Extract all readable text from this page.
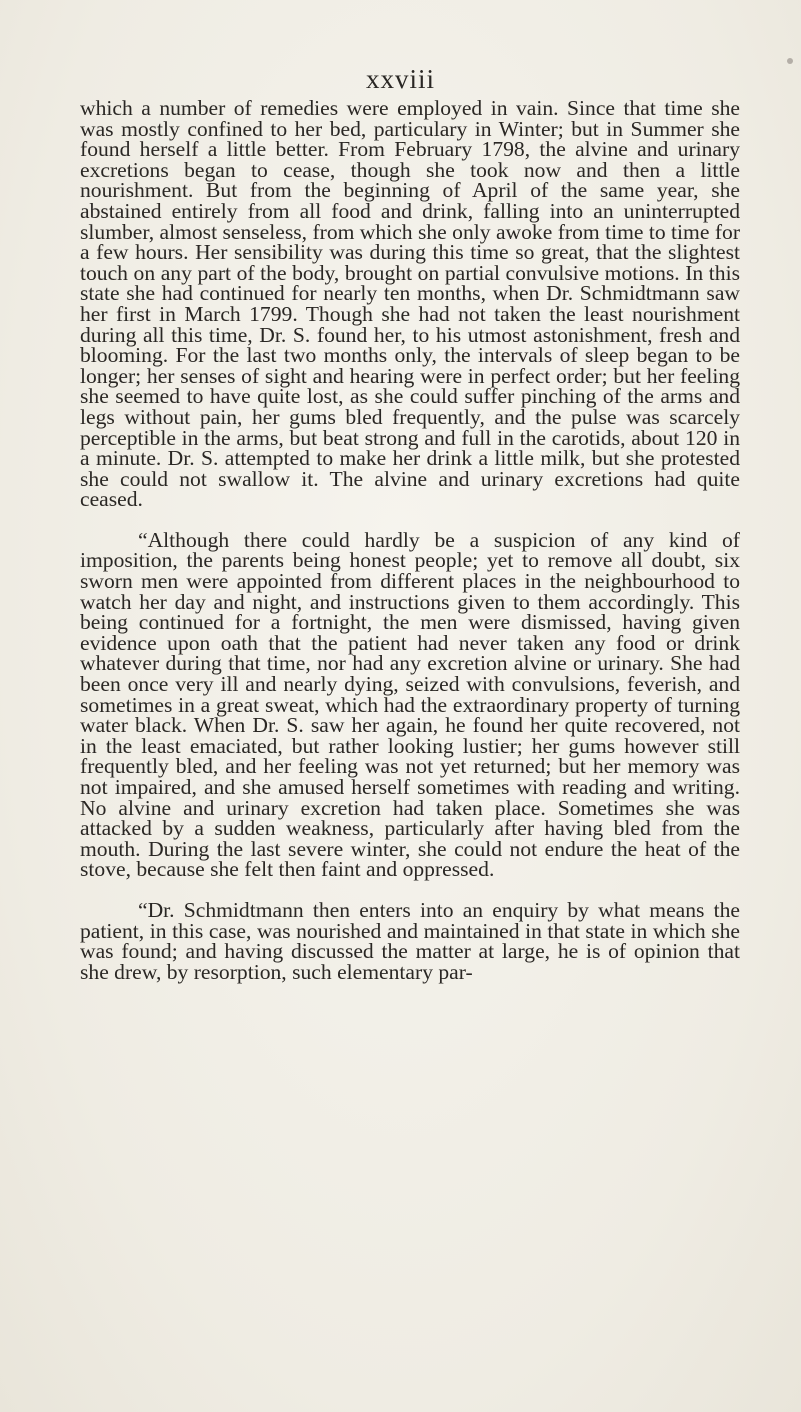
xxviii

which a number of remedies were employed in vain. Since that time she was mostly confined to her bed, particulary in Winter; but in Summer she found herself a little better. From February 1798, the alvine and urinary excretions began to cease, though she took now and then a little nourishment. But from the beginning of April of the same year, she abstained entirely from all food and drink, falling into an uninterrupted slumber, almost senseless, from which she only awoke from time to time for a few hours. Her sensibility was during this time so great, that the slightest touch on any part of the body, brought on partial convulsive motions. In this state she had continued for nearly ten months, when Dr. Schmidtmann saw her first in March 1799. Though she had not taken the least nourishment during all this time, Dr. S. found her, to his utmost astonishment, fresh and blooming. For the last two months only, the intervals of sleep began to be longer; her senses of sight and hearing were in perfect order; but her feeling she seemed to have quite lost, as she could suffer pinching of the arms and legs without pain, her gums bled frequently, and the pulse was scarcely perceptible in the arms, but beat strong and full in the carotids, about 120 in a minute. Dr. S. attempted to make her drink a little milk, but she protested she could not swallow it. The alvine and urinary excretions had quite ceased.

“Although there could hardly be a suspicion of any kind of imposition, the parents being honest people; yet to remove all doubt, six sworn men were appointed from different places in the neighbourhood to watch her day and night, and instructions given to them accordingly. This being continued for a fortnight, the men were dismissed, having given evidence upon oath that the patient had never taken any food or drink whatever during that time, nor had any excretion alvine or urinary. She had been once very ill and nearly dying, seized with convulsions, feverish, and sometimes in a great sweat, which had the extraordinary property of turning water black. When Dr. S. saw her again, he found her quite recovered, not in the least emaciated, but rather looking lustier; her gums however still frequently bled, and her feeling was not yet returned; but her memory was not impaired, and she amused herself sometimes with reading and writing. No alvine and urinary excretion had taken place. Sometimes she was attacked by a sudden weakness, particularly after having bled from the mouth. During the last severe winter, she could not endure the heat of the stove, because she felt then faint and oppressed.

“Dr. Schmidtmann then enters into an enquiry by what means the patient, in this case, was nourished and maintained in that state in which she was found; and having discussed the matter at large, he is of opinion that she drew, by resorption, such elementary par-
